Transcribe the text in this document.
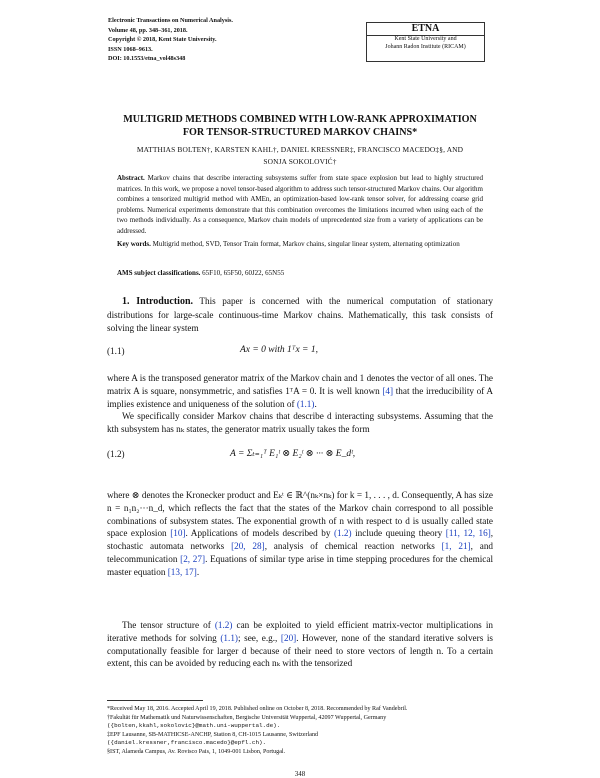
Electronic Transactions on Numerical Analysis.
Volume 48, pp. 348–361, 2018.
Copyright © 2018, Kent State University.
ISSN 1068–9613.
DOI: 10.1553/etna_vol48s348
ETNA
Kent State University and
Johann Radon Institute (RICAM)
MULTIGRID METHODS COMBINED WITH LOW-RANK APPROXIMATION
FOR TENSOR-STRUCTURED MARKOV CHAINS*
MATTHIAS BOLTEN†, KARSTEN KAHL†, DANIEL KRESSNER‡, FRANCISCO MACEDO‡§, AND
SONJA SOKOLOVIĆ†
Abstract. Markov chains that describe interacting subsystems suffer from state space explosion but lead to highly structured matrices. In this work, we propose a novel tensor-based algorithm to address such tensor-structured Markov chains. Our algorithm combines a tensorized multigrid method with AMEn, an optimization-based low-rank tensor solver, for addressing coarse grid problems. Numerical experiments demonstrate that this combination overcomes the limitations incurred when using each of the two methods individually. As a consequence, Markov chain models of unprecedented size from a variety of applications can be addressed.
Key words. Multigrid method, SVD, Tensor Train format, Markov chains, singular linear system, alternating optimization
AMS subject classifications. 65F10, 65F50, 60J22, 65N55
1. Introduction. This paper is concerned with the numerical computation of stationary distributions for large-scale continuous-time Markov chains. Mathematically, this task consists of solving the linear system
(1.1)	Ax = 0 with 1ᵀx = 1,
where A is the transposed generator matrix of the Markov chain and 1 denotes the vector of all ones. The matrix A is square, nonsymmetric, and satisfies 1ᵀA = 0. It is well known [4] that the irreducibility of A implies existence and uniqueness of the solution of (1.1).
We specifically consider Markov chains that describe d interacting subsystems. Assuming that the kth subsystem has nₖ states, the generator matrix usually takes the form
(1.2)	A = Σₜ₌₁ᵀ E₁ᵗ ⊗ E₂ᵗ ⊗ ··· ⊗ E_dᵗ,
where ⊗ denotes the Kronecker product and Eₖᵗ ∈ ℝ^(nₖ×nₖ) for k = 1, . . . , d. Consequently, A has size n = n₁n₂···n_d, which reflects the fact that the states of the Markov chain correspond to all possible combinations of subsystem states. The exponential growth of n with respect to d is usually called state space explosion [10]. Applications of models described by (1.2) include queuing theory [11, 12, 16], stochastic automata networks [20, 28], analysis of chemical reaction networks [1, 21], and telecommunication [2, 27]. Equations of similar type arise in time stepping procedures for the chemical master equation [13, 17].
The tensor structure of (1.2) can be exploited to yield efficient matrix-vector multiplications in iterative methods for solving (1.1); see, e.g., [20]. However, none of the standard iterative solvers is computationally feasible for larger d because of their need to store vectors of length n. To a certain extent, this can be avoided by reducing each nₖ with the tensorized
*Received May 18, 2016. Accepted April 19, 2018. Published online on October 8, 2018. Recommended by Raf Vandebril.
†Fakultät für Mathematik und Naturwissenschaften, Bergische Universität Wuppertal, 42097 Wuppertal, Germany
({bolten,kkahl,sokolovic}@math.uni-wuppertal.de).
‡EPF Lausanne, SB-MATHICSE-ANCHP, Station 8, CH-1015 Lausanne, Switzerland
({daniel.kressner,francisco.macedo}@epfl.ch).
§IST, Alameda Campus, Av. Rovisco Pais, 1, 1049-001 Lisbon, Portugal.
348
